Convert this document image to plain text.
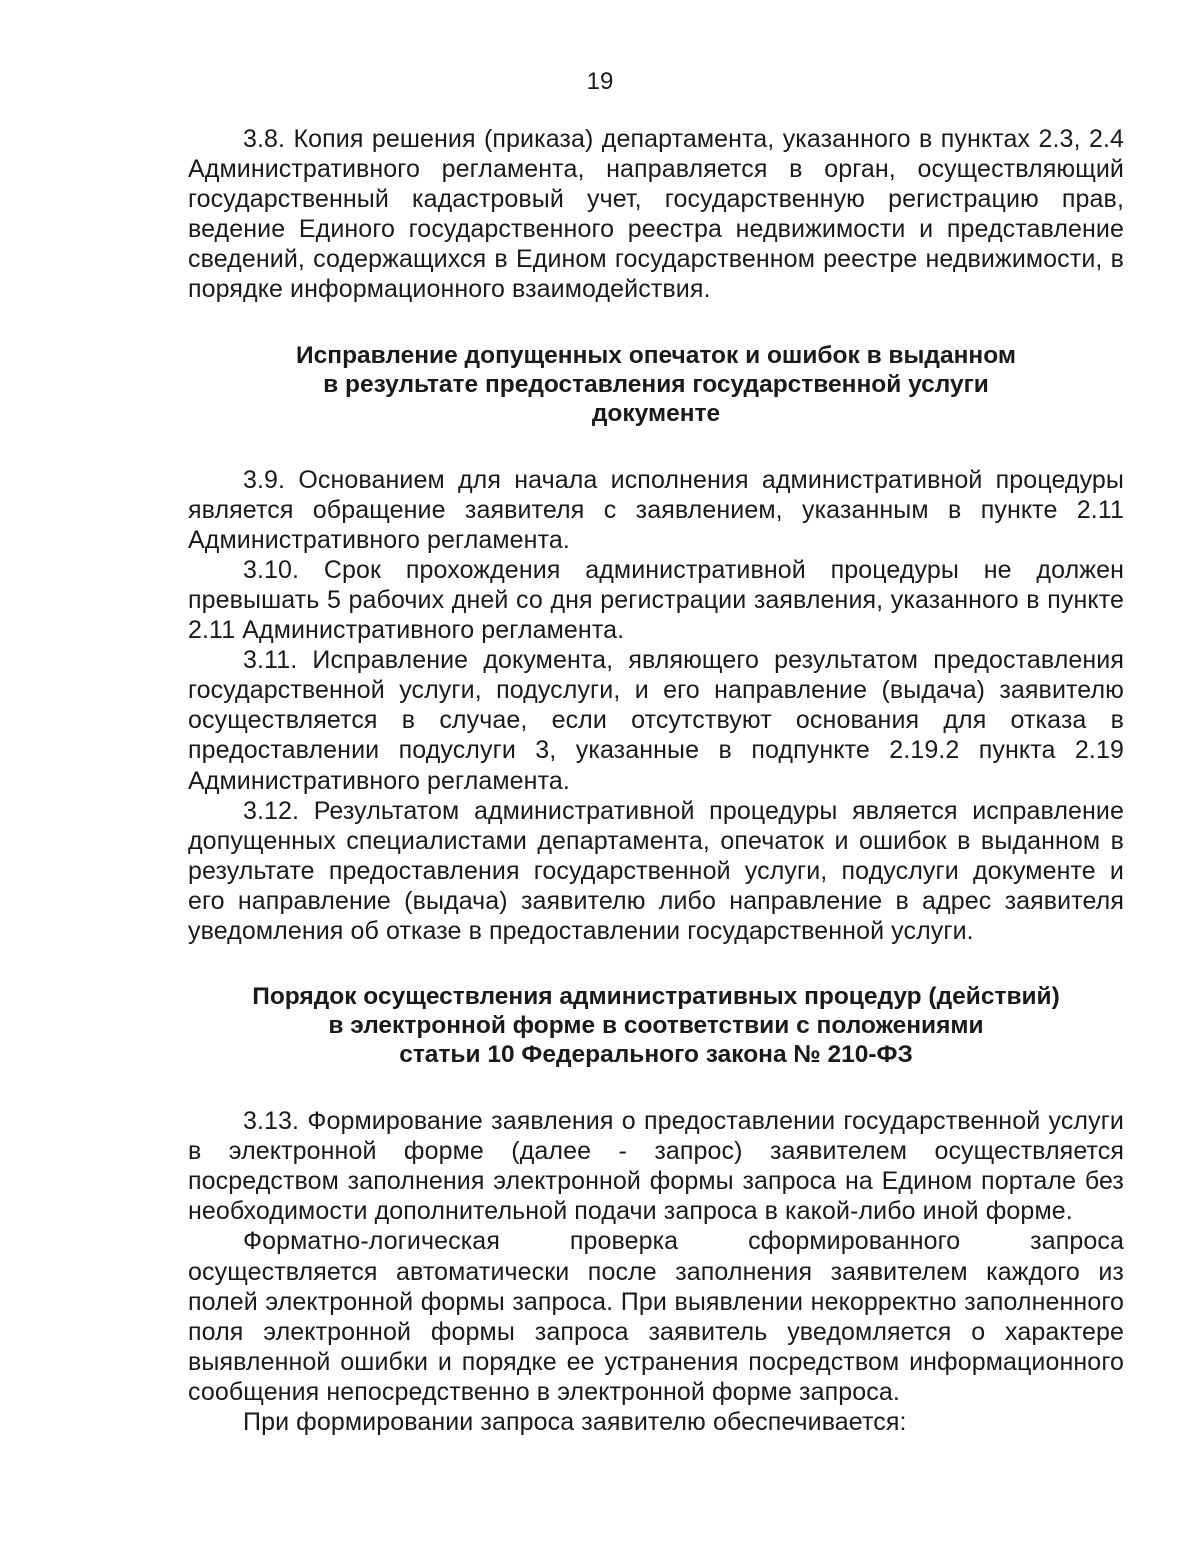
19

3.8. Копия решения (приказа) департамента, указанного в пунктах 2.3, 2.4 Административного регламента, направляется в орган, осуществляющий государственный кадастровый учет, государственную регистрацию прав, ведение Единого государственного реестра недвижимости и представление сведений, содержащихся в Едином государственном реестре недвижимости, в порядке информационного взаимодействия.

Исправление допущенных опечаток и ошибок в выданном
в результате предоставления государственной услуги
документе

3.9. Основанием для начала исполнения административной процедуры является обращение заявителя с заявлением, указанным в пункте 2.11 Административного регламента.

3.10. Срок прохождения административной процедуры не должен превышать 5 рабочих дней со дня регистрации заявления, указанного в пункте 2.11 Административного регламента.

3.11. Исправление документа, являющего результатом предоставления государственной услуги, подуслуги, и его направление (выдача) заявителю осуществляется в случае, если отсутствуют основания для отказа в предоставлении подуслуги 3, указанные в подпункте 2.19.2 пункта 2.19 Административного регламента.

3.12. Результатом административной процедуры является исправление допущенных специалистами департамента, опечаток и ошибок в выданном в результате предоставления государственной услуги, подуслуги документе и его направление (выдача) заявителю либо направление в адрес заявителя уведомления об отказе в предоставлении государственной услуги.

Порядок осуществления административных процедур (действий)
в электронной форме в соответствии с положениями
статьи 10 Федерального закона № 210-ФЗ

3.13. Формирование заявления о предоставлении государственной услуги в электронной форме (далее - запрос) заявителем осуществляется посредством заполнения электронной формы запроса на Едином портале без необходимости дополнительной подачи запроса в какой-либо иной форме.

Форматно-логическая проверка сформированного запроса осуществляется автоматически после заполнения заявителем каждого из полей электронной формы запроса. При выявлении некорректно заполненного поля электронной формы запроса заявитель уведомляется о характере выявленной ошибки и порядке ее устранения посредством информационного сообщения непосредственно в электронной форме запроса.

При формировании запроса заявителю обеспечивается:
